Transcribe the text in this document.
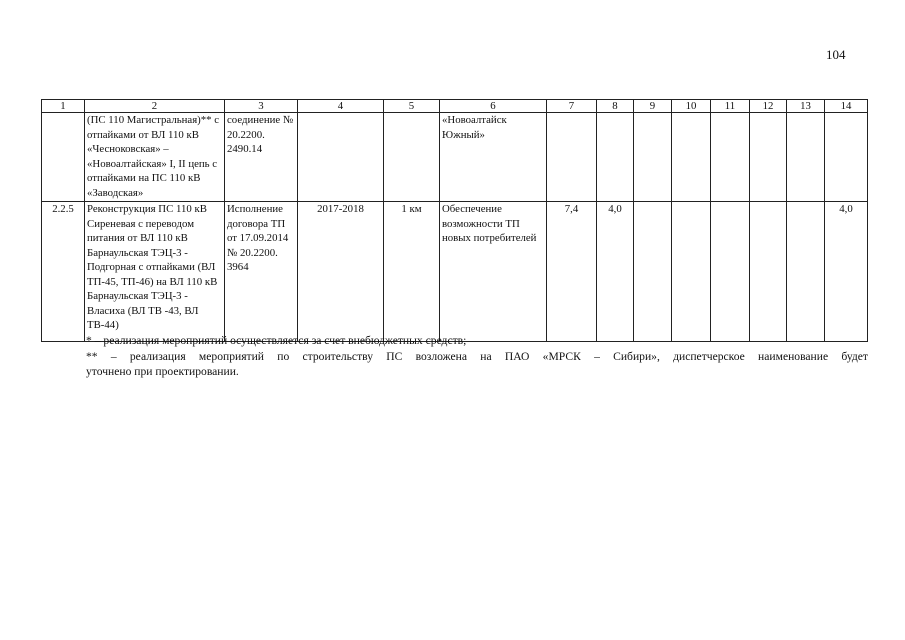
104
1	2	3	4	5	6	7	8	9	10	11	12	13	14
	(ПС 110 Магистральная)** с отпайками от ВЛ 110 кВ «Чесноковская» – «Новоалтайская» I, II цепь с отпайками на ПС 110 кВ «Заводская»	соединение № 20.2200. 2490.14			«Новоалтайск Южный»								
2.2.5	Реконструкция ПС 110 кВ Сиреневая с переводом питания от ВЛ 110 кВ Барнаульская ТЭЦ-3 - Подгорная с отпайками (ВЛ ТП-45, ТП-46) на ВЛ 110 кВ Барнаульская ТЭЦ-3 - Власиха (ВЛ ТВ -43, ВЛ ТВ-44)	Исполнение договора ТП от 17.09.2014 № 20.2200. 3964	2017-2018	1 км	Обеспечение возможности ТП новых потребителей	7,4	4,0						4,0

* – реализация мероприятий осуществляется за счет внебюджетных средств;

** – реализация мероприятий по строительству ПС возложена на ПАО «МРСК – Сибири», диспетчерское наименование будет

уточнено при проектировании.
